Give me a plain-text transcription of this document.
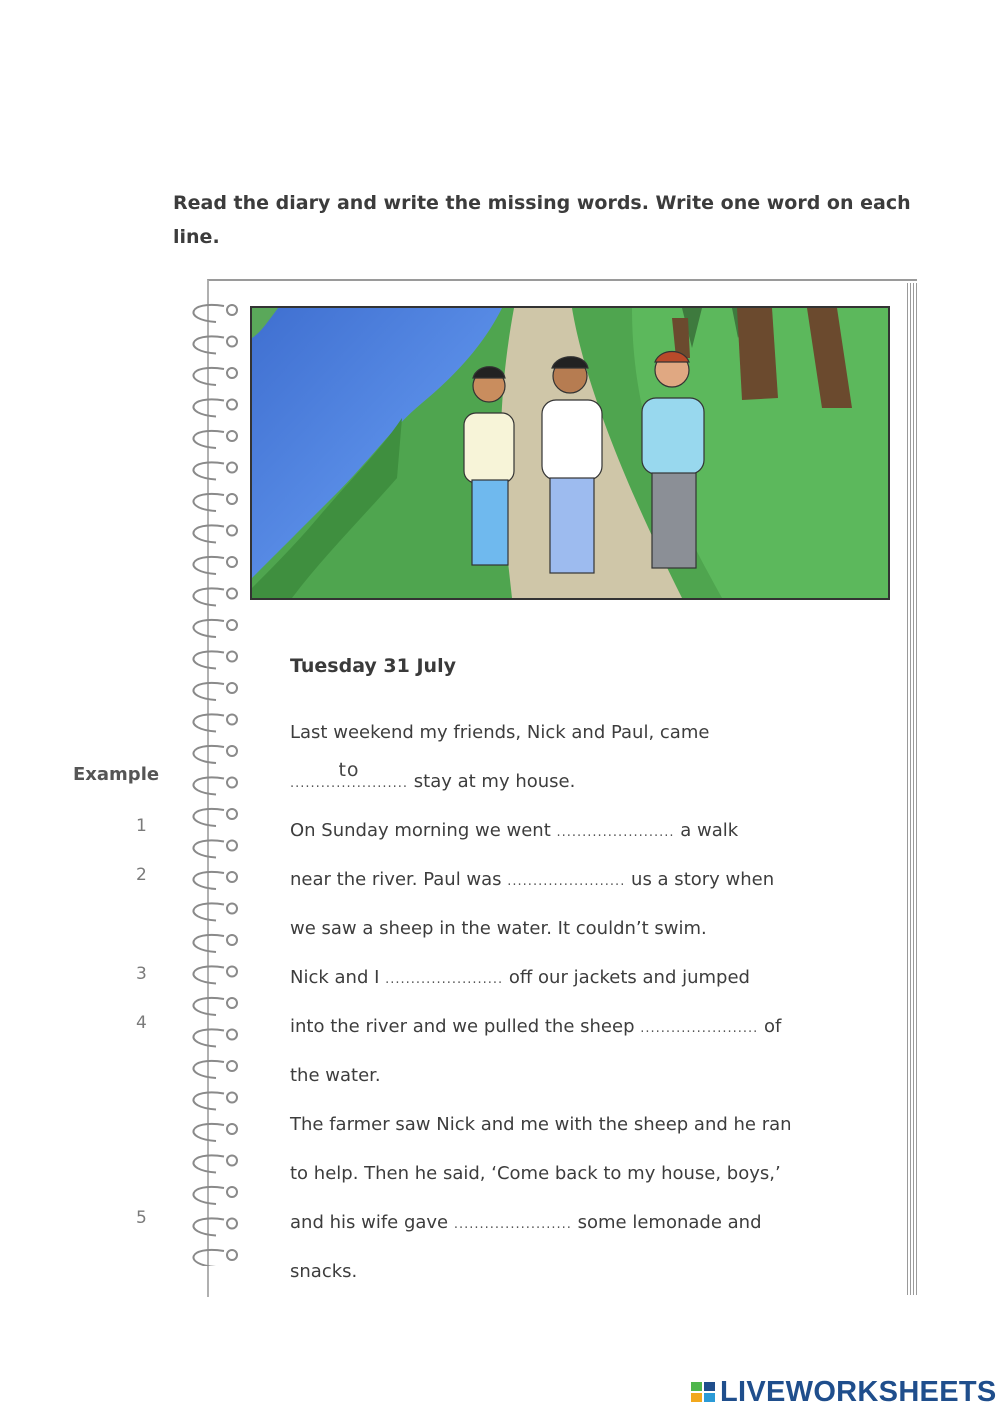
Read the diary and write the missing words. Write one word on each line.

Tuesday 31 July
Last weekend my friends, Nick and Paul, came
.......................
to
stay at my house.
On Sunday morning we went .......................
a walk
near the river. Paul was .......................
us a story when
we saw a sheep in the water. It couldn’t swim.
Nick and I .......................
off our jackets and jumped
into the river and we pulled the sheep .......................
of
the water.
The farmer saw Nick and me with the sheep and he ran
to help. Then he said, ‘Come back to my house, boys,’
and his wife gave .......................
some lemonade and
snacks.
Example
1
2
3
4
5
LIVEWORKSHEETS
